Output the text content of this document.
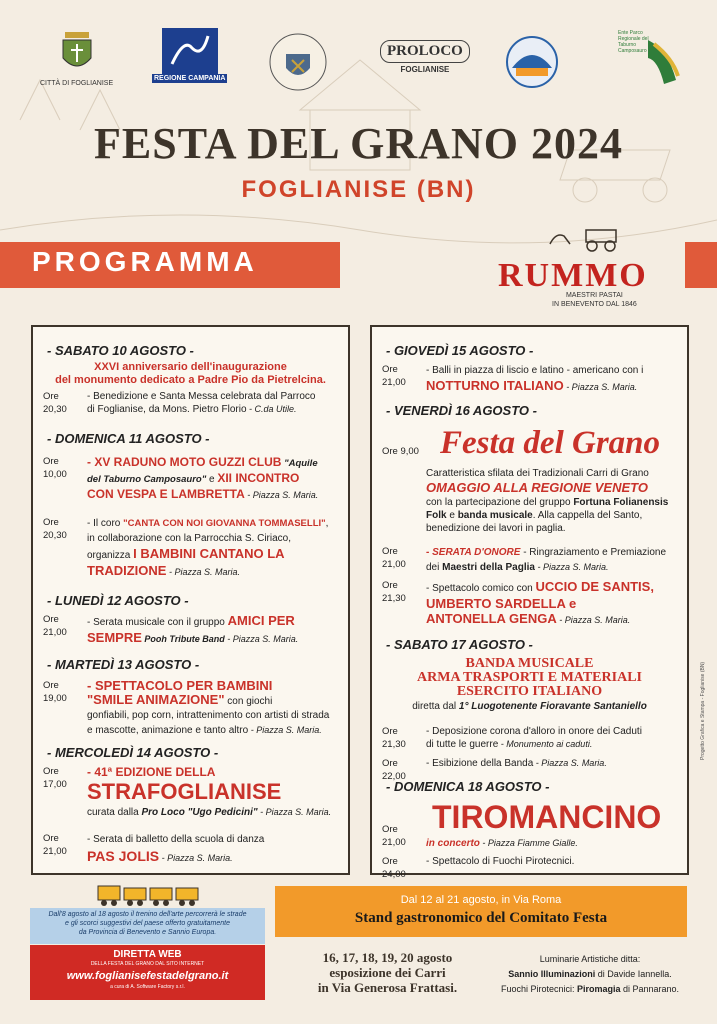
CITTÀ DI FOGLIANISE
REGIONE CAMPANIA
PROLOCO
FOGLIANISE
Ente Parco Regionale del Taburno Camposauro
FESTA DEL GRANO 2024
FOGLIANISE (BN)
PROGRAMMA	RUMMO
MAESTRI PASTAI
IN BENEVENTO DAL 1846
- SABATO 10 AGOSTO -
XXVI anniversario dell'inaugurazione
del monumento dedicato a Padre Pio da Pietrelcina.
Ore 20,30
- Benedizione e Santa Messa celebrata dal Parroco
di Foglianise, da Mons. Pietro Florio - C.da Utile.
- DOMENICA 11 AGOSTO -
Ore 10,00
- XV RADUNO MOTO GUZZI CLUB "Aquile
del Taburno Camposauro" e XII INCONTRO
CON VESPA E LAMBRETTA - Piazza S. Maria.
Ore 20,30
- Il coro "CANTA CON NOI GIOVANNA TOMMASELLI",
in collaborazione con la Parrocchia S. Ciriaco,
organizza I BAMBINI CANTANO LA
TRADIZIONE - Piazza S. Maria.
- LUNEDÌ 12 AGOSTO -
Ore 21,00
- Serata musicale con il gruppo AMICI PER
SEMPRE Pooh Tribute Band - Piazza S. Maria.
- MARTEDÌ 13 AGOSTO -
Ore 19,00
- SPETTACOLO PER BAMBINI
"SMILE ANIMAZIONE" con giochi
gonfiabili, pop corn, intrattenimento con artisti di strada
e mascotte, animazione e tanto altro - Piazza S. Maria.
- MERCOLEDÌ 14 AGOSTO -
Ore 17,00
- 41ª EDIZIONE DELLA
STRAFOGLIANISE
curata dalla Pro Loco "Ugo Pedicini" - Piazza S. Maria.
Ore 21,00
- Serata di balletto della scuola di danza
PAS JOLIS - Piazza S. Maria.
- GIOVEDÌ 15 AGOSTO -
Ore 21,00
- Balli in piazza di liscio e latino - americano con i
NOTTURNO ITALIANO - Piazza S. Maria.
- VENERDÌ 16 AGOSTO -
Ore 9,00 Festa del Grano
Caratteristica sfilata dei Tradizionali Carri di Grano
OMAGGIO ALLA REGIONE VENETO
con la partecipazione del gruppo Fortuna Folianensis
Folk e banda musicale. Alla cappella del Santo,
benedizione dei lavori in paglia.
Ore 21,00
- SERATA D'ONORE - Ringraziamento e Premiazione
dei Maestri della Paglia - Piazza S. Maria.
Ore 21,30
- Spettacolo comico con UCCIO DE SANTIS,
UMBERTO SARDELLA e
ANTONELLA GENGA - Piazza S. Maria.
- SABATO 17 AGOSTO -
BANDA MUSICALE
ARMA TRASPORTI E MATERIALI
ESERCITO ITALIANO
diretta dal 1° Luogotenente Fioravante Santaniello
Ore 21,30
- Deposizione corona d'alloro in onore dei Caduti
di tutte le guerre - Monumento ai caduti.
Ore 22,00
- Esibizione della Banda - Piazza S. Maria.
- DOMENICA 18 AGOSTO -
Ore 21,00
TIROMANCINO
in concerto - Piazza Fiamme Gialle.
Ore 24,00
- Spettacolo di Fuochi Pirotecnici.
Progetto Grafica e Stampa - Foglianise (BN)
Dall'8 agosto al 18 agosto il trenino dell'arte percorrerà le strade
e gli scorci suggestivi del paese offerto gratuitamente
da Provincia di Benevento e Sannio Europa.
Dal 12 al 21 agosto, in Via Roma
Stand gastronomico del Comitato Festa
DIRETTA WEB
DELLA FESTA DEL GRANO DAL SITO INTERNET
www.foglianisefestadelgrano.it
a cura di A. Software Factory s.r.l.
16, 17, 18, 19, 20 agosto
esposizione dei Carri
in Via Generosa Frattasi.
Luminarie Artistiche ditta:
Sannio Illuminazioni di Davide Iannella.
Fuochi Pirotecnici: Piromagia di Pannarano.
